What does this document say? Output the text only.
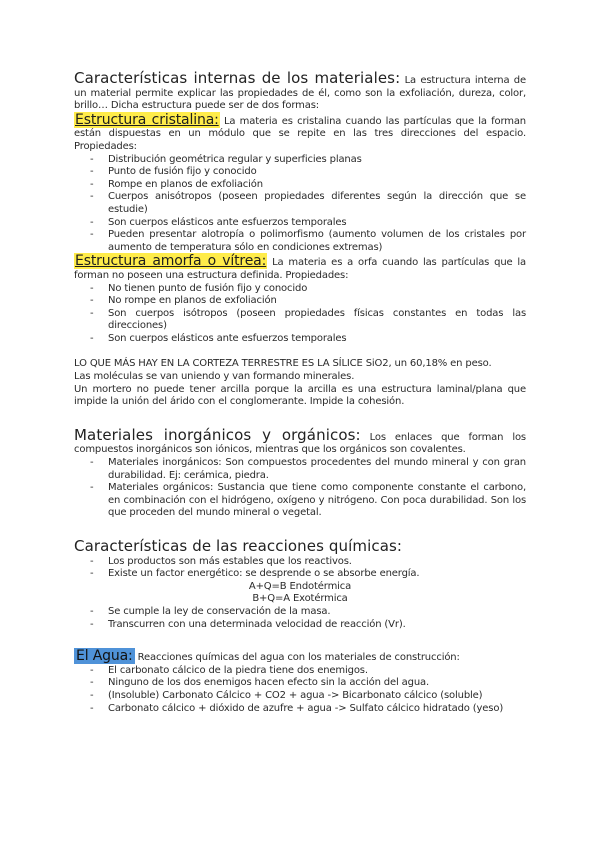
Características internas de los materiales: La estructura interna de un material permite explicar las propiedades de él, como son la exfoliación, dureza, color, brillo… Dicha estructura puede ser de dos formas:

Estructura cristalina: La materia es cristalina cuando las partículas que la forman están dispuestas en un módulo que se repite en las tres direcciones del espacio. Propiedades:

- Distribución geométrica regular y superficies planas
- Punto de fusión fijo y conocido
- Rompe en planos de exfoliación
- Cuerpos anisótropos (poseen propiedades diferentes según la dirección que se estudie)
- Son cuerpos elásticos ante esfuerzos temporales
- Pueden presentar alotropía o polimorfismo (aumento volumen de los cristales por aumento de temperatura sólo en condiciones extremas)

Estructura amorfa o vítrea: La materia es a orfa cuando las partículas que la forman no poseen una estructura definida. Propiedades:

- No tienen punto de fusión fijo y conocido
- No rompe en planos de exfoliación
- Son cuerpos isótropos (poseen propiedades físicas constantes en todas las direcciones)
- Son cuerpos elásticos ante esfuerzos temporales

LO QUE MÁS HAY EN LA CORTEZA TERRESTRE ES LA SÍLICE SiO2, un 60,18% en peso.

Las moléculas se van uniendo y van formando minerales.

Un mortero no puede tener arcilla porque la arcilla es una estructura laminal/plana que impide la unión del árido con el conglomerante. Impide la cohesión.

Materiales inorgánicos y orgánicos: Los enlaces que forman los compuestos inorgánicos son iónicos, mientras que los orgánicos son covalentes.

- Materiales inorgánicos: Son compuestos procedentes del mundo mineral y con gran durabilidad. Ej: cerámica, piedra.
- Materiales orgánicos: Sustancia que tiene como componente constante el carbono, en combinación con el hidrógeno, oxígeno y nitrógeno. Con poca durabilidad. Son los que proceden del mundo mineral o vegetal.

Características de las reacciones químicas:

- Los productos son más estables que los reactivos.
- Existe un factor energético: se desprende o se absorbe energía.
A+Q=B Endotérmica
B+Q=A Exotérmica
- Se cumple la ley de conservación de la masa.
- Transcurren con una determinada velocidad de reacción (Vr).

El Agua: Reacciones químicas del agua con los materiales de construcción:

- El carbonato cálcico de la piedra tiene dos enemigos.
- Ninguno de los dos enemigos hacen efecto sin la acción del agua.
- (Insoluble) Carbonato Cálcico + CO2 + agua -> Bicarbonato cálcico (soluble)
- Carbonato cálcico + dióxido de azufre + agua -> Sulfato cálcico hidratado (yeso)
